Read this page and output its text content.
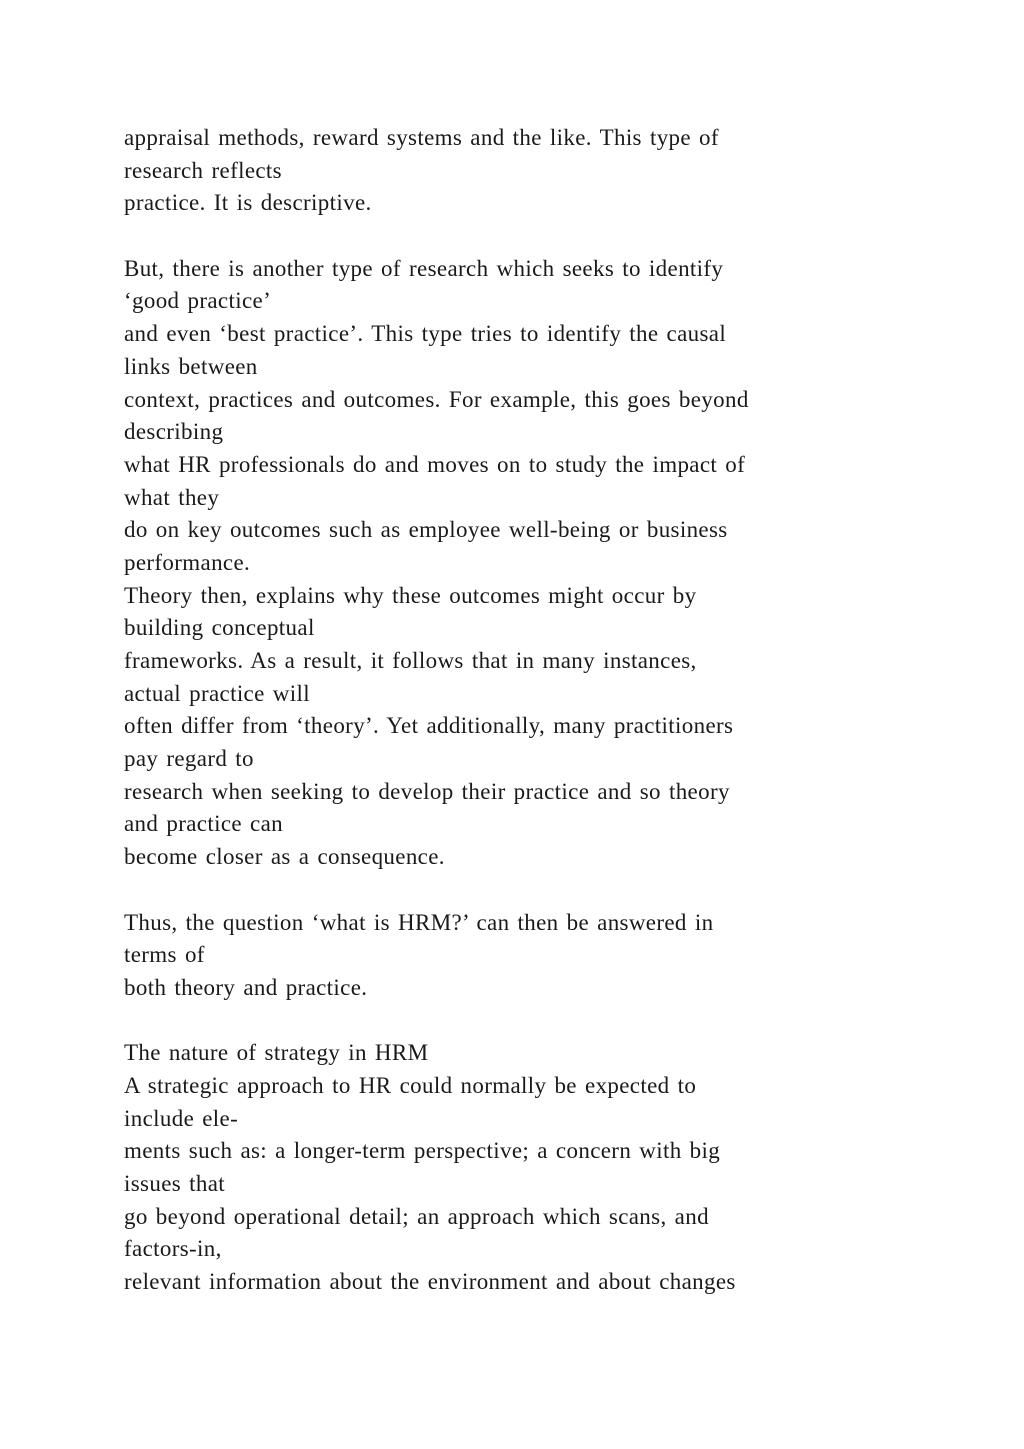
appraisal methods, reward systems and the like. This type of
research reflects
practice. It is descriptive.
But, there is another type of research which seeks to identify
‘good practice’
and even ‘best practice’. This type tries to identify the causal
links between
context, practices and outcomes. For example, this goes beyond
describing
what HR professionals do and moves on to study the impact of
what they
do on key outcomes such as employee well-being or business
performance.
Theory then, explains why these outcomes might occur by
building conceptual
frameworks. As a result, it follows that in many instances,
actual practice will
often differ from ‘theory’. Yet additionally, many practitioners
pay regard to
research when seeking to develop their practice and so theory
and practice can
become closer as a consequence.
Thus, the question ‘what is HRM?’ can then be answered in
terms of
both theory and practice.
The nature of strategy in HRM
A strategic approach to HR could normally be expected to
include ele-
ments such as: a longer-term perspective; a concern with big
issues that
go beyond operational detail; an approach which scans, and
factors-in,
relevant information about the environment and about changes
